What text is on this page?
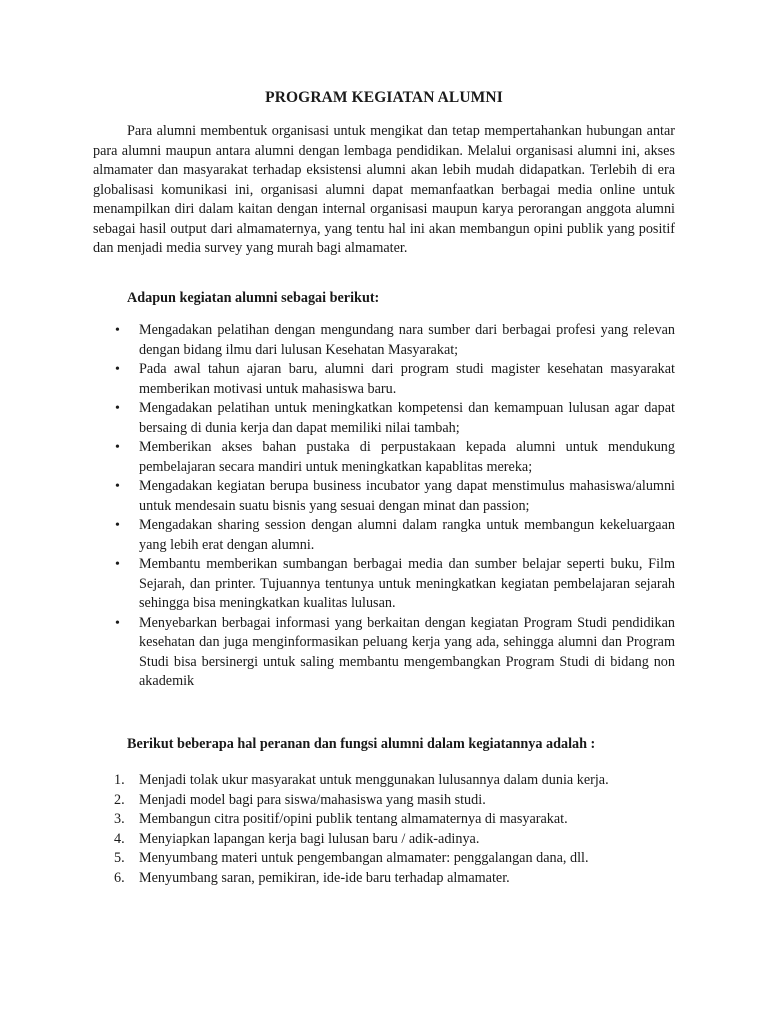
PROGRAM KEGIATAN ALUMNI

Para alumni membentuk organisasi untuk mengikat dan tetap mempertahankan hubungan antar para alumni maupun antara alumni dengan lembaga pendidikan. Melalui organisasi alumni ini, akses almamater dan masyarakat terhadap eksistensi alumni akan lebih mudah didapatkan. Terlebih di era globalisasi komunikasi ini, organisasi alumni dapat memanfaatkan berbagai media online untuk menampilkan diri dalam kaitan dengan internal organisasi maupun karya perorangan anggota alumni sebagai hasil output dari almamaternya, yang tentu hal ini akan membangun opini publik yang positif dan menjadi media survey yang murah bagi almamater.

Adapun kegiatan alumni sebagai berikut:

• Mengadakan pelatihan dengan mengundang nara sumber dari berbagai profesi yang relevan dengan bidang ilmu dari lulusan Kesehatan Masyarakat;
• Pada awal tahun ajaran baru, alumni dari program studi magister kesehatan masyarakat memberikan motivasi untuk mahasiswa baru.
• Mengadakan pelatihan untuk meningkatkan kompetensi dan kemampuan lulusan agar dapat bersaing di dunia kerja dan dapat memiliki nilai tambah;
• Memberikan akses bahan pustaka di perpustakaan kepada alumni untuk mendukung pembelajaran secara mandiri untuk meningkatkan kapablitas mereka;
• Mengadakan kegiatan berupa business incubator yang dapat menstimulus mahasiswa/alumni untuk mendesain suatu bisnis yang sesuai dengan minat dan passion;
• Mengadakan sharing session dengan alumni dalam rangka untuk membangun kekeluargaan yang lebih erat dengan alumni.
• Membantu memberikan sumbangan berbagai media dan sumber belajar seperti buku, Film Sejarah, dan printer. Tujuannya tentunya untuk meningkatkan kegiatan pembelajaran sejarah sehingga bisa meningkatkan kualitas lulusan.
• Menyebarkan berbagai informasi yang berkaitan dengan kegiatan Program Studi pendidikan kesehatan dan juga menginformasikan peluang kerja yang ada, sehingga alumni dan Program Studi bisa bersinergi untuk saling membantu mengembangkan Program Studi di bidang non akademik

Berikut beberapa hal peranan dan fungsi alumni dalam kegiatannya adalah :

1. Menjadi tolak ukur masyarakat untuk menggunakan lulusannya dalam dunia kerja.
2. Menjadi model bagi para siswa/mahasiswa yang masih studi.
3. Membangun citra positif/opini publik tentang almamaternya di masyarakat.
4. Menyiapkan lapangan kerja bagi lulusan baru / adik-adinya.
5. Menyumbang materi untuk pengembangan almamater: penggalangan dana, dll.
6. Menyumbang saran, pemikiran, ide-ide baru terhadap almamater.
